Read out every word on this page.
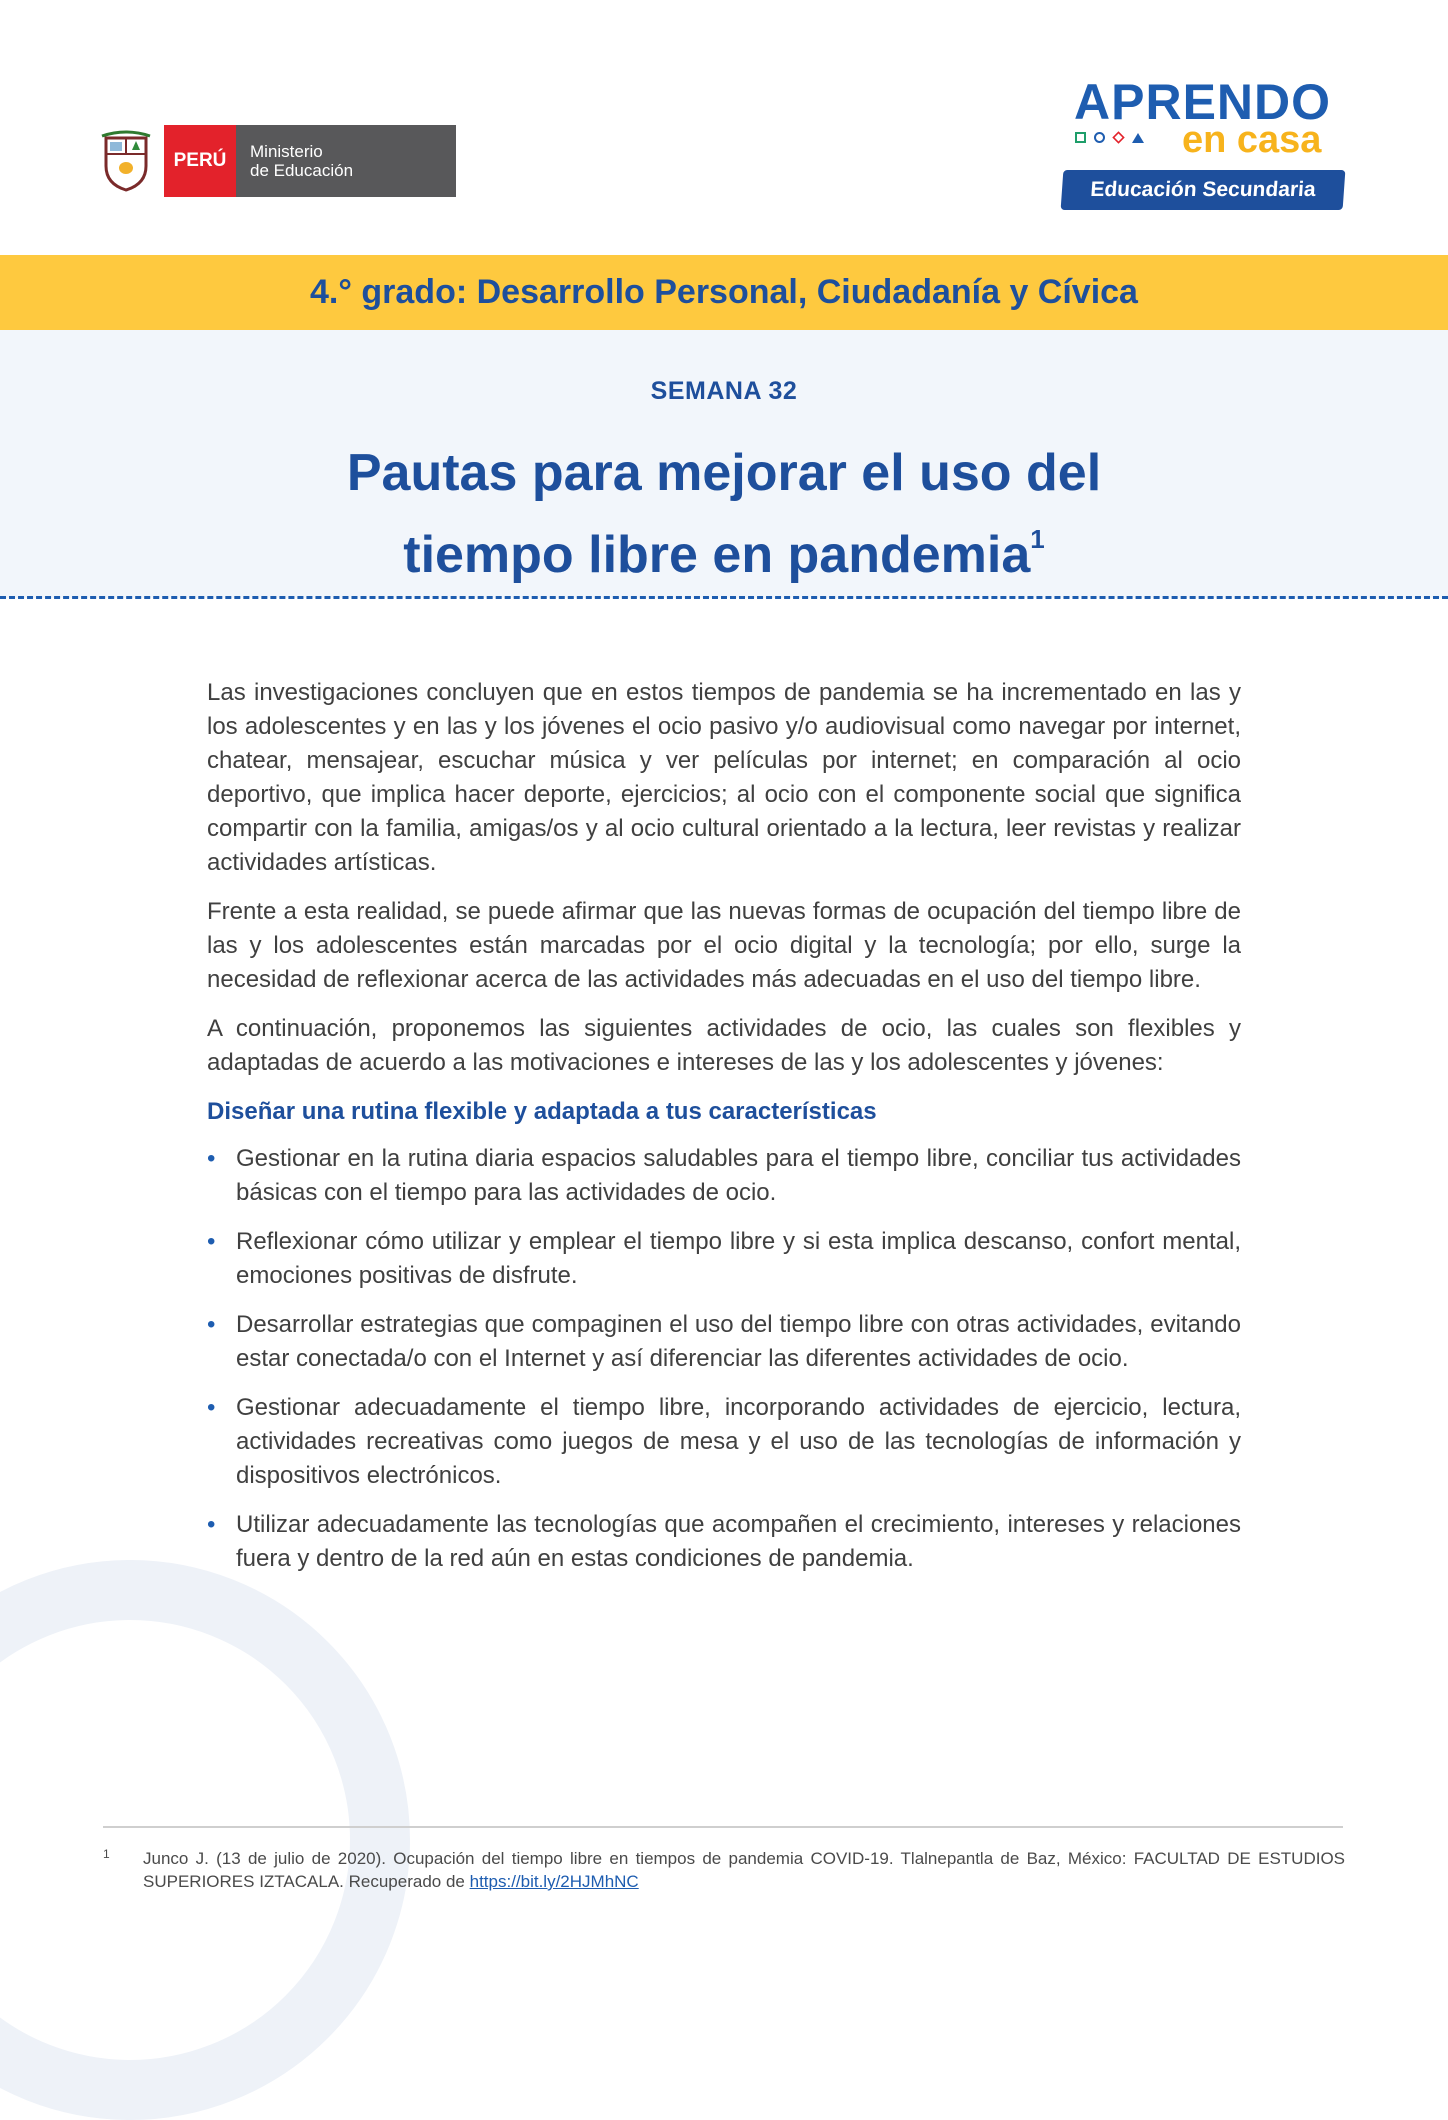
PERÚ	Ministerio
de Educación
APRENDO
en casa
Educación Secundaria
4.° grado: Desarrollo Personal, Ciudadanía y Cívica
SEMANA 32
Pautas para mejorar el uso del
tiempo libre en pandemia$^1$

Las investigaciones concluyen que en estos tiempos de pandemia se ha incrementado en las y los adolescentes y en las y los jóvenes el ocio pasivo y/o audiovisual como navegar por internet, chatear, mensajear, escuchar música y ver películas por internet; en comparación al ocio deportivo, que implica hacer deporte, ejercicios; al ocio con el componente social que significa compartir con la familia, amigas/os y al ocio cultural orientado a la lectura, leer revistas y realizar actividades artísticas.

Frente a esta realidad, se puede afirmar que las nuevas formas de ocupación del tiempo libre de las y los adolescentes están marcadas por el ocio digital y la tecnología; por ello, surge la necesidad de reflexionar acerca de las actividades más adecuadas en el uso del tiempo libre.

A continuación, proponemos las siguientes actividades de ocio, las cuales son flexibles y adaptadas de acuerdo a las motivaciones e intereses de las y los adolescentes y jóvenes:

Diseñar una rutina flexible y adaptada a tus características
• Gestionar en la rutina diaria espacios saludables para el tiempo libre, conciliar tus actividades básicas con el tiempo para las actividades de ocio.
• Reflexionar cómo utilizar y emplear el tiempo libre y si esta implica descanso, confort mental, emociones positivas de disfrute.
• Desarrollar estrategias que compaginen el uso del tiempo libre con otras actividades, evitando estar conectada/o con el Internet y así diferenciar las diferentes actividades de ocio.
• Gestionar adecuadamente el tiempo libre, incorporando actividades de ejercicio, lectura, actividades recreativas como juegos de mesa y el uso de las tecnologías de información y dispositivos electrónicos.
• Utilizar adecuadamente las tecnologías que acompañen el crecimiento, intereses y relaciones fuera y dentro de la red aún en estas condiciones de pandemia.
1 Junco J. (13 de julio de 2020). Ocupación del tiempo libre en tiempos de pandemia COVID-19. Tlalnepantla de Baz, México: FACULTAD DE ESTUDIOS SUPERIORES IZTACALA. Recuperado de https://bit.ly/2HJMhNC
